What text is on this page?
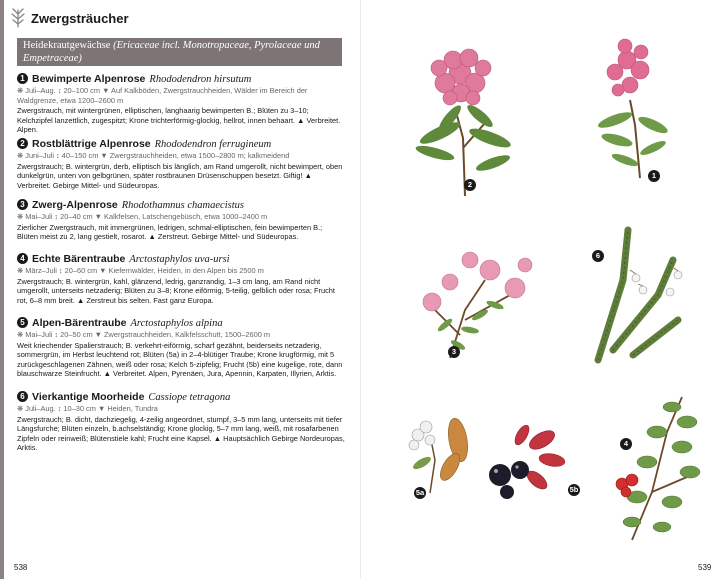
Zwergsträucher
Heidekrautgewächse (Ericaceae incl. Monotropaceae, Pyrolaceae und Empetraceae)
1 Bewimperte Alpenrose Rhododendron hirsutum
❋ Juli–Aug. ↕ 20–100 cm ▼ Auf Kalkböden, Zwergstrauchheiden, Wälder im Bereich der Waldgrenze, etwa 1200–2600 m
Zwergstrauch, mit wintergrünen, elliptischen, langhaarig bewimperten B.; Blüten zu 3–10; Kelchzipfel lanzettlich, zugespitzt; Krone trichterförmig-glockig, hellrot, innen behaart. ▲ Verbreitet. Alpen.
2 Rostblättrige Alpenrose Rhododendron ferrugineum
❋ Juni–Juli ↕ 40–150 cm ▼ Zwergstrauchheiden, etwa 1500–2800 m; kalkmeidend
Zwergstrauch; B. wintergrün, derb, elliptisch bis länglich, am Rand umgerollt, nicht bewimpert, oben dunkelgrün, unten von gelbgrünen, später rostbraunen Drüsenschuppen besetzt. Giftig! ▲ Verbreitet. Gebirge Mittel- und Südeuropas.
3 Zwerg-Alpenrose Rhodothamnus chamaecistus
❋ Mai–Juli ↕ 20–40 cm ▼ Kalkfelsen, Latschengebüsch, etwa 1000–2400 m
Zierlicher Zwergstrauch, mit immergrünen, ledrigen, schmal-elliptischen, fein bewimperten B.; Blüten meist zu 2, lang gestielt, rosarot. ▲ Zerstreut. Gebirge Mittel- und Südeuropas.
4 Echte Bärentraube Arctostaphylos uva-ursi
❋ März–Juli ↕ 20–60 cm ▼ Kiefernwälder, Heiden, in den Alpen bis 2500 m
Zwergstrauch; B. wintergrün, kahl, glänzend, ledrig, ganzrandig, 1–3 cm lang, am Rand nicht umgerollt, unterseits netzaderig; Blüten zu 3–8; Krone eiförmig, 5-teilig, gelblich oder rosa; Frucht rot, 6–8 mm breit. ▲ Zerstreut bis selten. Fast ganz Europa.
5 Alpen-Bärentraube Arctostaphylos alpina
❋ Mai–Juli ↕ 20–50 cm ▼ Zwergstrauchheiden, Kalkfelsschutt, 1500–2600 m
Weit kriechender Spalierstrauch; B. verkehrt-eiförmig, scharf gezähnt, beiderseits netzaderig, sommergrün, im Herbst leuchtend rot; Blüten (5a) in 2–4-blütiger Traube; Krone krugförmig, mit 5 zurückgeschlagenen Zähnen, weiß oder rosa; Kelch 5-zipfelig; Frucht (5b) eine kugelige, rote, dann blauschwarze Steinfrucht. ▲ Verbreitet. Alpen, Pyrenäen, Jura, Apennin, Karpaten, Illyrien, Arktis.
6 Vierkantige Moorheide Cassiope tetragona
❋ Juli–Aug. ↕ 10–30 cm ▼ Heiden, Tundra
Zwergstrauch; B. dicht, dachziegelig, 4-zeilig angeordnet, stumpf, 3–5 mm lang, unterseits mit tiefer Längsfurche; Blüten einzeln, b.achselständig; Krone glockig, 5–7 mm lang, weiß, mit rosafarbenen Zipfeln oder reinweiß; Blütenstiele kahl; Frucht eine Kapsel. ▲ Hauptsächlich Gebirge Nordeuropas, Arktis.
538
2
1
3
6
5a	5b
4
539
